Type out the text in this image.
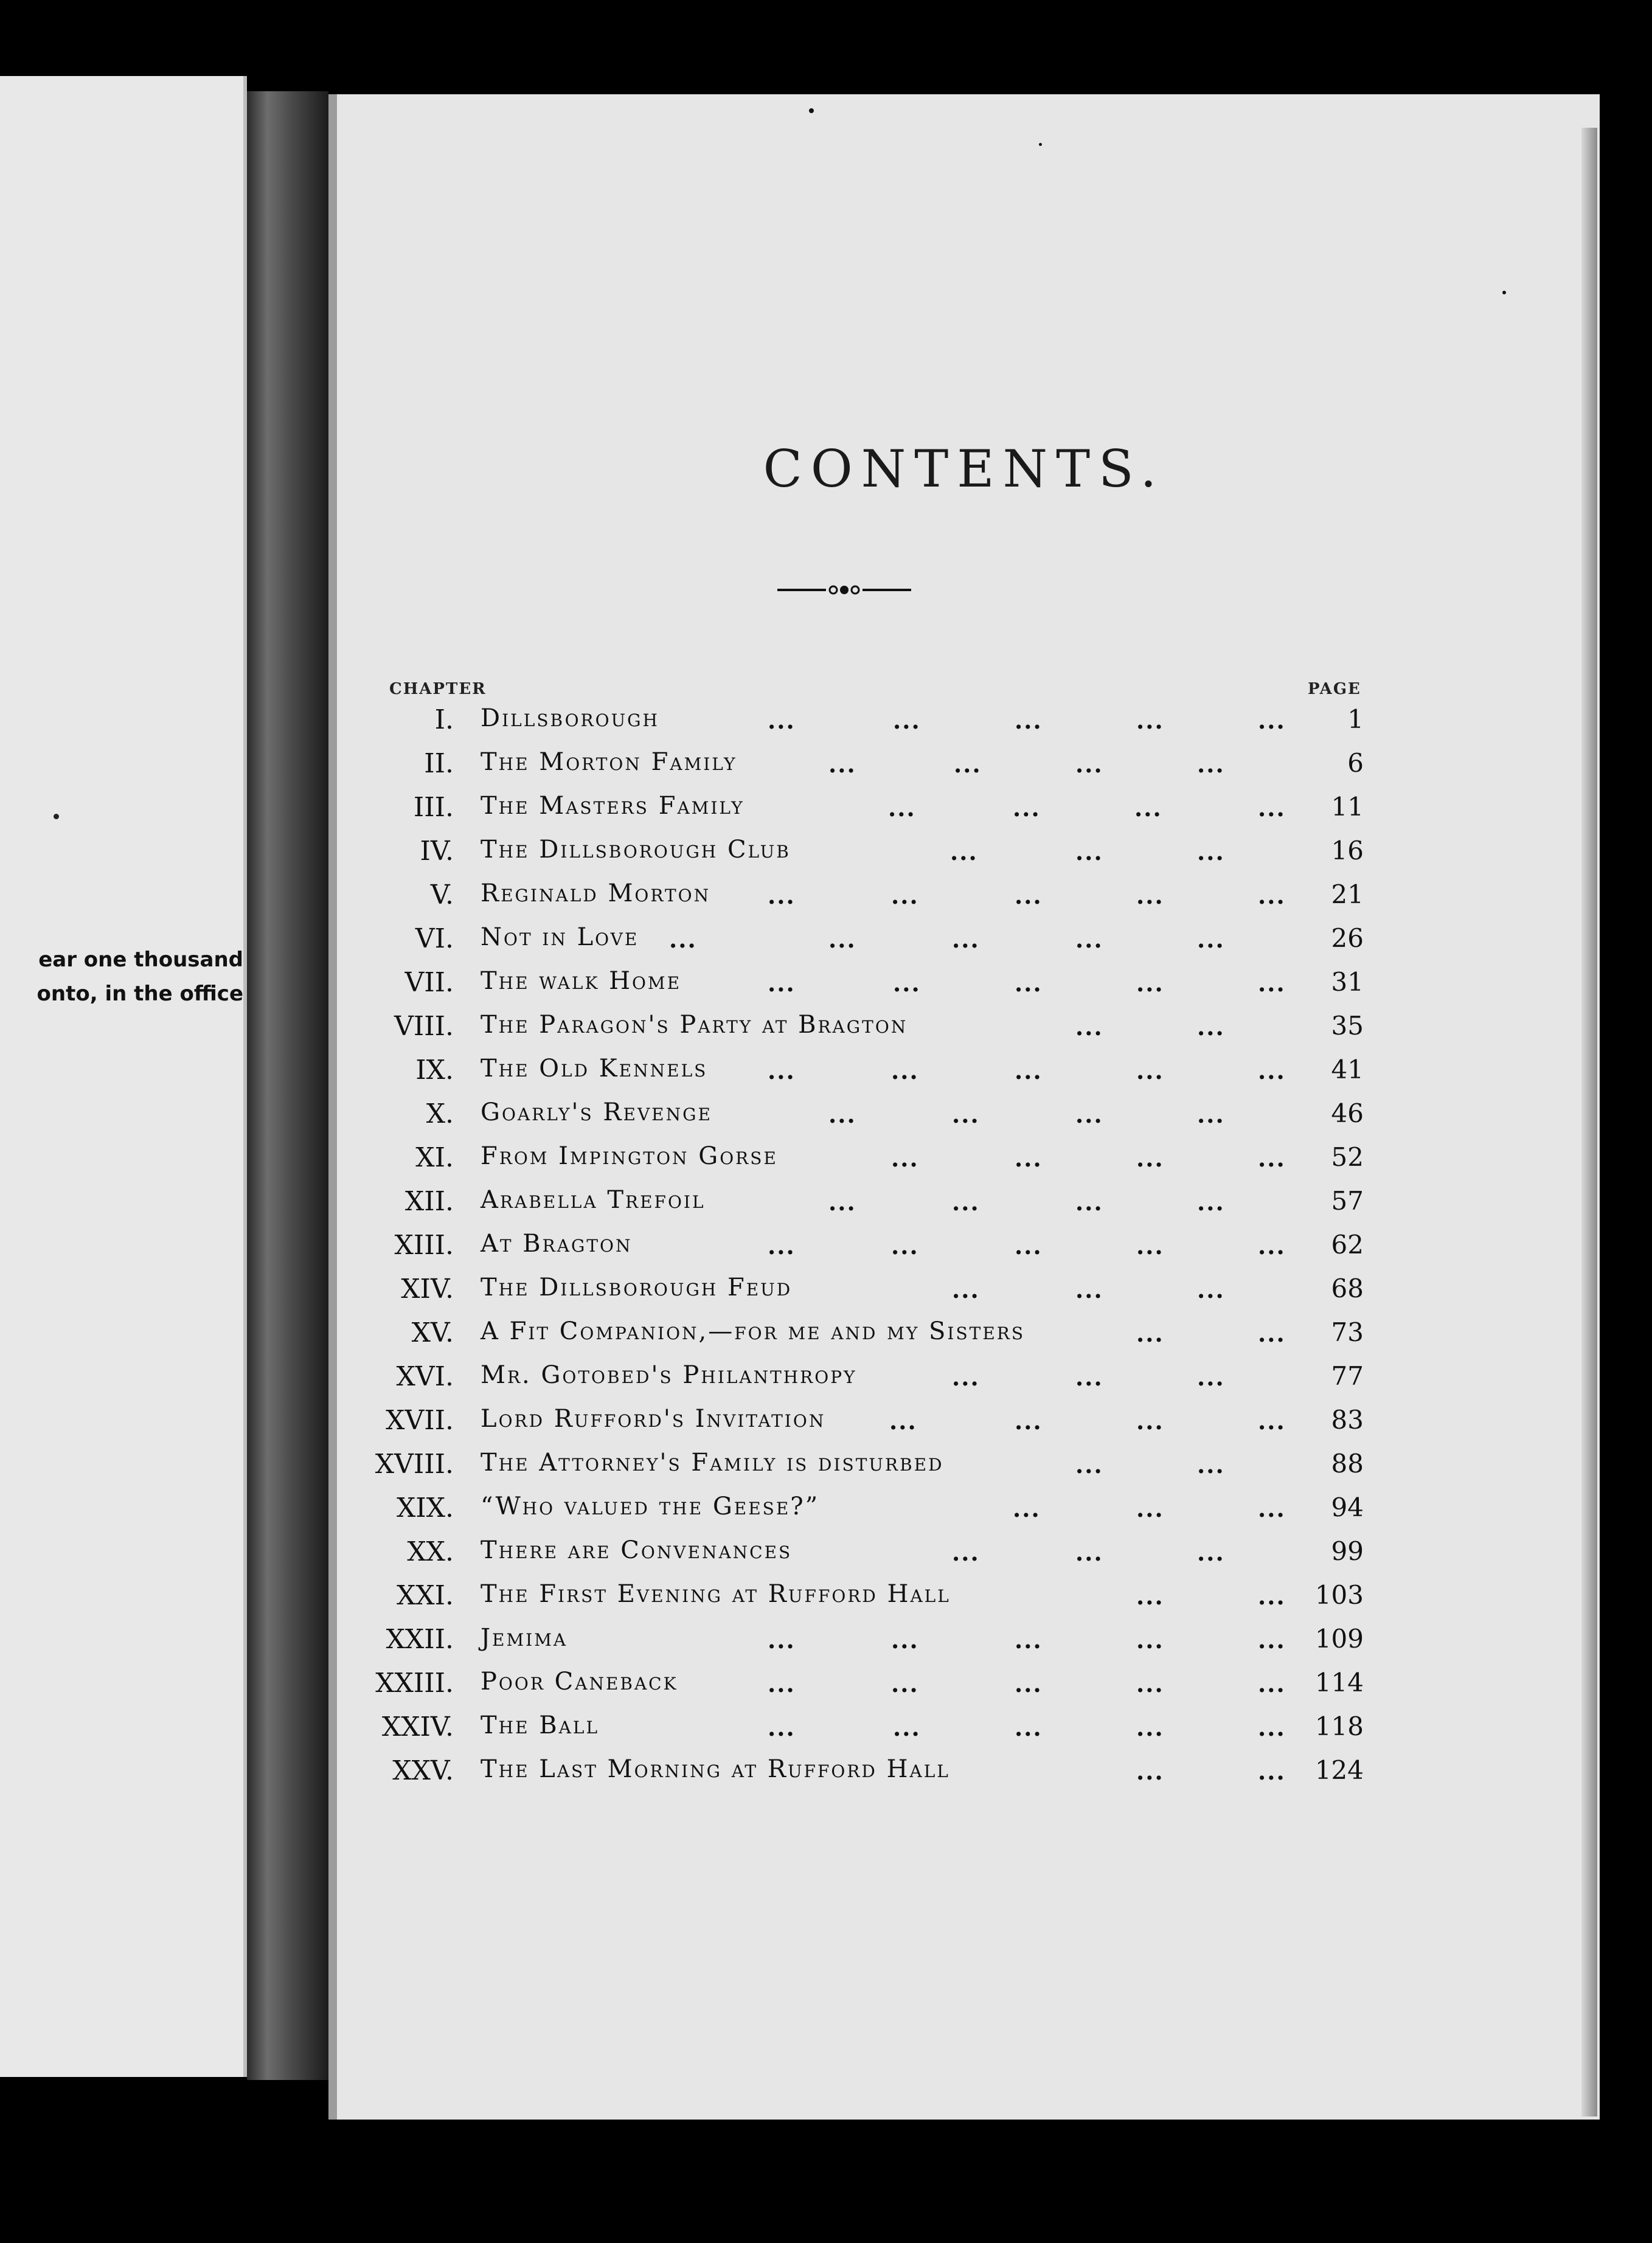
ear one thousand
onto, in the office
CONTENTS.
CHAPTER	PAGE
I. Dillsborough	...	...	...	...	... 1
II. The Morton Family	...	...	...	...	6
III. The Masters Family	...	...	...	... 11
IV. The Dillsborough Club	...	...	...	16
V. Reginald Morton ...	...	...	...	... 21
VI. Not in Love ...	...	...	...	...	26
VII. The walk Home	...	...	...	...	... 31
VIII. The Paragon's Party at Bragton	...	...	35
IX. The Old Kennels	...	...	...	...	... 41
X. Goarly's Revenge	...	...	...	...	46
XI. From Impington Gorse	...	...	...	... 52
XII. Arabella Trefoil	...	...	...	...	57
XIII. At Bragton	...	...	...	...	... 62
XIV. The Dillsborough Feud	...	...	...	68
XV. A Fit Companion,—for me and my Sisters	...	... 73
XVI. Mr. Gotobed's Philanthropy	...	...	...	77
XVII. Lord Rufford's Invitation	...	...	...	... 83
XVIII. The Attorney's Family is disturbed	...	...	88
XIX. “Who valued the Geese?”	...	...	... 94
XX. There are Convenances	...	...	...	99
XXI. The First Evening at Rufford Hall	...	... 103
XXII. Jemima	...	...	...	...	... 109
XXIII. Poor Caneback	...	...	...	...	... 114
XXIV. The Ball	...	...	...	...	... 118
XXV. The Last Morning at Rufford Hall	...	... 124
